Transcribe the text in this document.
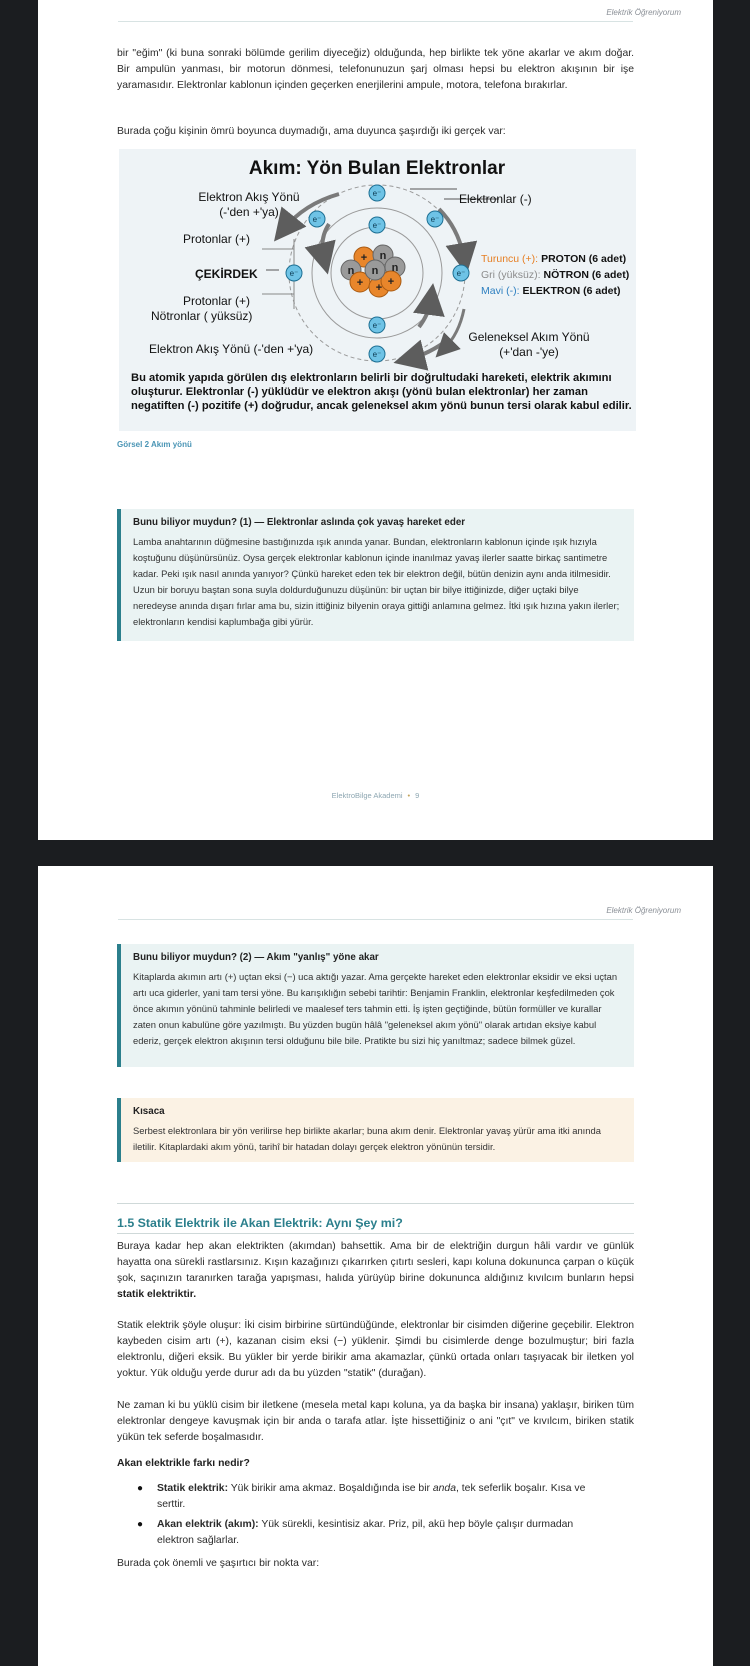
Elektrik Öğreniyorum

bir "eğim" (ki buna sonraki bölümde gerilim diyeceğiz) olduğunda, hep birlikte tek yöne akarlar ve akım doğar. Bir ampulün yanması, bir motorun dönmesi, telefonunuzun şarj olması hepsi bu elektron akışının bir işe yaramasıdır. Elektronlar kablonun içinden geçerken enerjilerini ampule, motora, telefona bırakırlar.

Burada çoğu kişinin ömrü boyunca duymadığı, ama duyunca şaşırdığı iki gerçek var:

Akım: Yön Bulan Elektronlar
+ n
n	n
+ + +
n
e⁻
e⁻
e⁻	e⁻
e⁻	e⁻
e⁻
e⁻
Elektron Akış Yönü
(-'den +'ya)
Elektronlar (-)
Protonlar (+)
ÇEKİRDEK
Protonlar (+)
Nötronlar ( yüksüz)
Elektron Akış Yönü (-'den +'ya)
Geleneksel Akım Yönü
(+'dan -'ye)
Turuncu (+): PROTON (6 adet)
Gri (yüksüz): NÖTRON (6 adet)
Mavi (-): ELEKTRON (6 adet)
Bu atomik yapıda görülen dış elektronların belirli bir doğrultudaki hareketi, elektrik akımını
oluşturur. Elektronlar (-) yüklüdür ve elektron akışı (yönü bulan elektronlar) her zaman
negatiften (-) pozitife (+) doğrudur, ancak geleneksel akım yönü bunun tersi olarak kabul edilir.
Görsel 2 Akım yönü
Bunu biliyor muydun? (1) — Elektronlar aslında çok yavaş hareket eder

Lamba anahtarının düğmesine bastığınızda ışık anında yanar. Bundan, elektronların kablonun içinde ışık hızıyla koştuğunu düşünürsünüz. Oysa gerçek elektronlar kablonun içinde inanılmaz yavaş ilerler saatte birkaç santimetre kadar. Peki ışık nasıl anında yanıyor? Çünkü hareket eden tek bir elektron değil, bütün denizin aynı anda itilmesidir. Uzun bir boruyu baştan sona suyla doldurduğunuzu düşünün: bir uçtan bir bilye ittiğinizde, diğer uçtaki bilye neredeyse anında dışarı fırlar ama bu, sizin ittiğiniz bilyenin oraya gittiği anlamına gelmez. İtki ışık hızına yakın ilerler; elektronların kendisi kaplumbağa gibi yürür.

ElektroBilge Akademi • 9
Elektrik Öğreniyorum
Bunu biliyor muydun? (2) — Akım "yanlış" yöne akar

Kitaplarda akımın artı (+) uçtan eksi (−) uca aktığı yazar. Ama gerçekte hareket eden elektronlar eksidir ve eksi uçtan artı uca giderler, yani tam tersi yöne. Bu karışıklığın sebebi tarihtir: Benjamin Franklin, elektronlar keşfedilmeden çok önce akımın yönünü tahminle belirledi ve maalesef ters tahmin etti. İş işten geçtiğinde, bütün formüller ve kurallar zaten onun kabulüne göre yazılmıştı. Bu yüzden bugün hâlâ "geleneksel akım yönü" olarak artıdan eksiye kabul ederiz, gerçek elektron akışının tersi olduğunu bile bile. Pratikte bu sizi hiç yanıltmaz; sadece bilmek güzel.

Kısaca

Serbest elektronlara bir yön verilirse hep birlikte akarlar; buna akım denir. Elektronlar yavaş yürür ama itki anında iletilir. Kitaplardaki akım yönü, tarihî bir hatadan dolayı gerçek elektron yönünün tersidir.

1.5 Statik Elektrik ile Akan Elektrik: Aynı Şey mi?

Buraya kadar hep akan elektrikten (akımdan) bahsettik. Ama bir de elektriğin durgun hâli vardır ve günlük hayatta ona sürekli rastlarsınız. Kışın kazağınızı çıkarırken çıtırtı sesleri, kapı koluna dokununca çarpan o küçük şok, saçınızın taranırken tarağa yapışması, halıda yürüyüp birine dokununca aldığınız kıvılcım bunların hepsi statik elektriktir.

Statik elektrik şöyle oluşur: İki cisim birbirine sürtündüğünde, elektronlar bir cisimden diğerine geçebilir. Elektron kaybeden cisim artı (+), kazanan cisim eksi (−) yüklenir. Şimdi bu cisimlerde denge bozulmuştur; biri fazla elektronlu, diğeri eksik. Bu yükler bir yerde birikir ama akamazlar, çünkü ortada onları taşıyacak bir iletken yol yoktur. Yük olduğu yerde durur adı da bu yüzden "statik" (durağan).

Ne zaman ki bu yüklü cisim bir iletkene (mesela metal kapı koluna, ya da başka bir insana) yaklaşır, biriken tüm elektronlar dengeye kavuşmak için bir anda o tarafa atlar. İşte hissettiğiniz o ani "çıt" ve kıvılcım, biriken statik yükün tek seferde boşalmasıdır.

Akan elektrikle farkı nedir?
● Statik elektrik: Yük birikir ama akmaz. Boşaldığında ise bir anda, tek seferlik boşalır. Kısa ve serttir.
● Akan elektrik (akım): Yük sürekli, kesintisiz akar. Priz, pil, akü hep böyle çalışır durmadan elektron sağlarlar.

Burada çok önemli ve şaşırtıcı bir nokta var:
